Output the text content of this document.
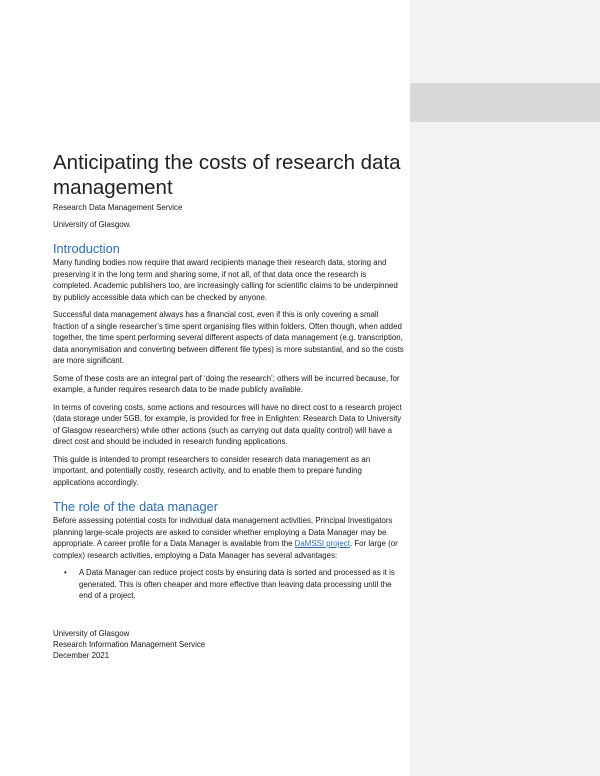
Anticipating the costs of research data management
Research Data Management Service
University of Glasgow.
Introduction

Many funding bodies now require that award recipients manage their research data, storing and preserving it in the long term and sharing some, if not all, of that data once the research is completed. Academic publishers too, are increasingly calling for scientific claims to be underpinned by publicly accessible data which can be checked by anyone.

Successful data management always has a financial cost, even if this is only covering a small fraction of a single researcher’s time spent organising files within folders. Often though, when added together, the time spent performing several different aspects of data management (e.g. transcription, data anonymisation and converting between different file types) is more substantial, and so the costs are more significant.

Some of these costs are an integral part of ‘doing the research’; others will be incurred because, for example, a funder requires research data to be made publicly available.

In terms of covering costs, some actions and resources will have no direct cost to a research project (data storage under 5GB, for example, is provided for free in Enlighten: Research Data to University of Glasgow researchers) while other actions (such as carrying out data quality control) will have a direct cost and should be included in research funding applications.

This guide is intended to prompt researchers to consider research data management as an important, and potentially costly, research activity, and to enable them to prepare funding applications accordingly.

The role of the data manager

Before assessing potential costs for individual data management activities, Principal Investigators planning large-scale projects are asked to consider whether employing a Data Manager may be appropriate. A career profile for a Data Manager is available from the DaMSSI project. For large (or complex) research activities, employing a Data Manager has several advantages:

• A Data Manager can reduce project costs by ensuring data is sorted and processed as it is generated. This is often cheaper and more effective than leaving data processing until the end of a project.
University of Glasgow
Research Information Management Service
December 2021
